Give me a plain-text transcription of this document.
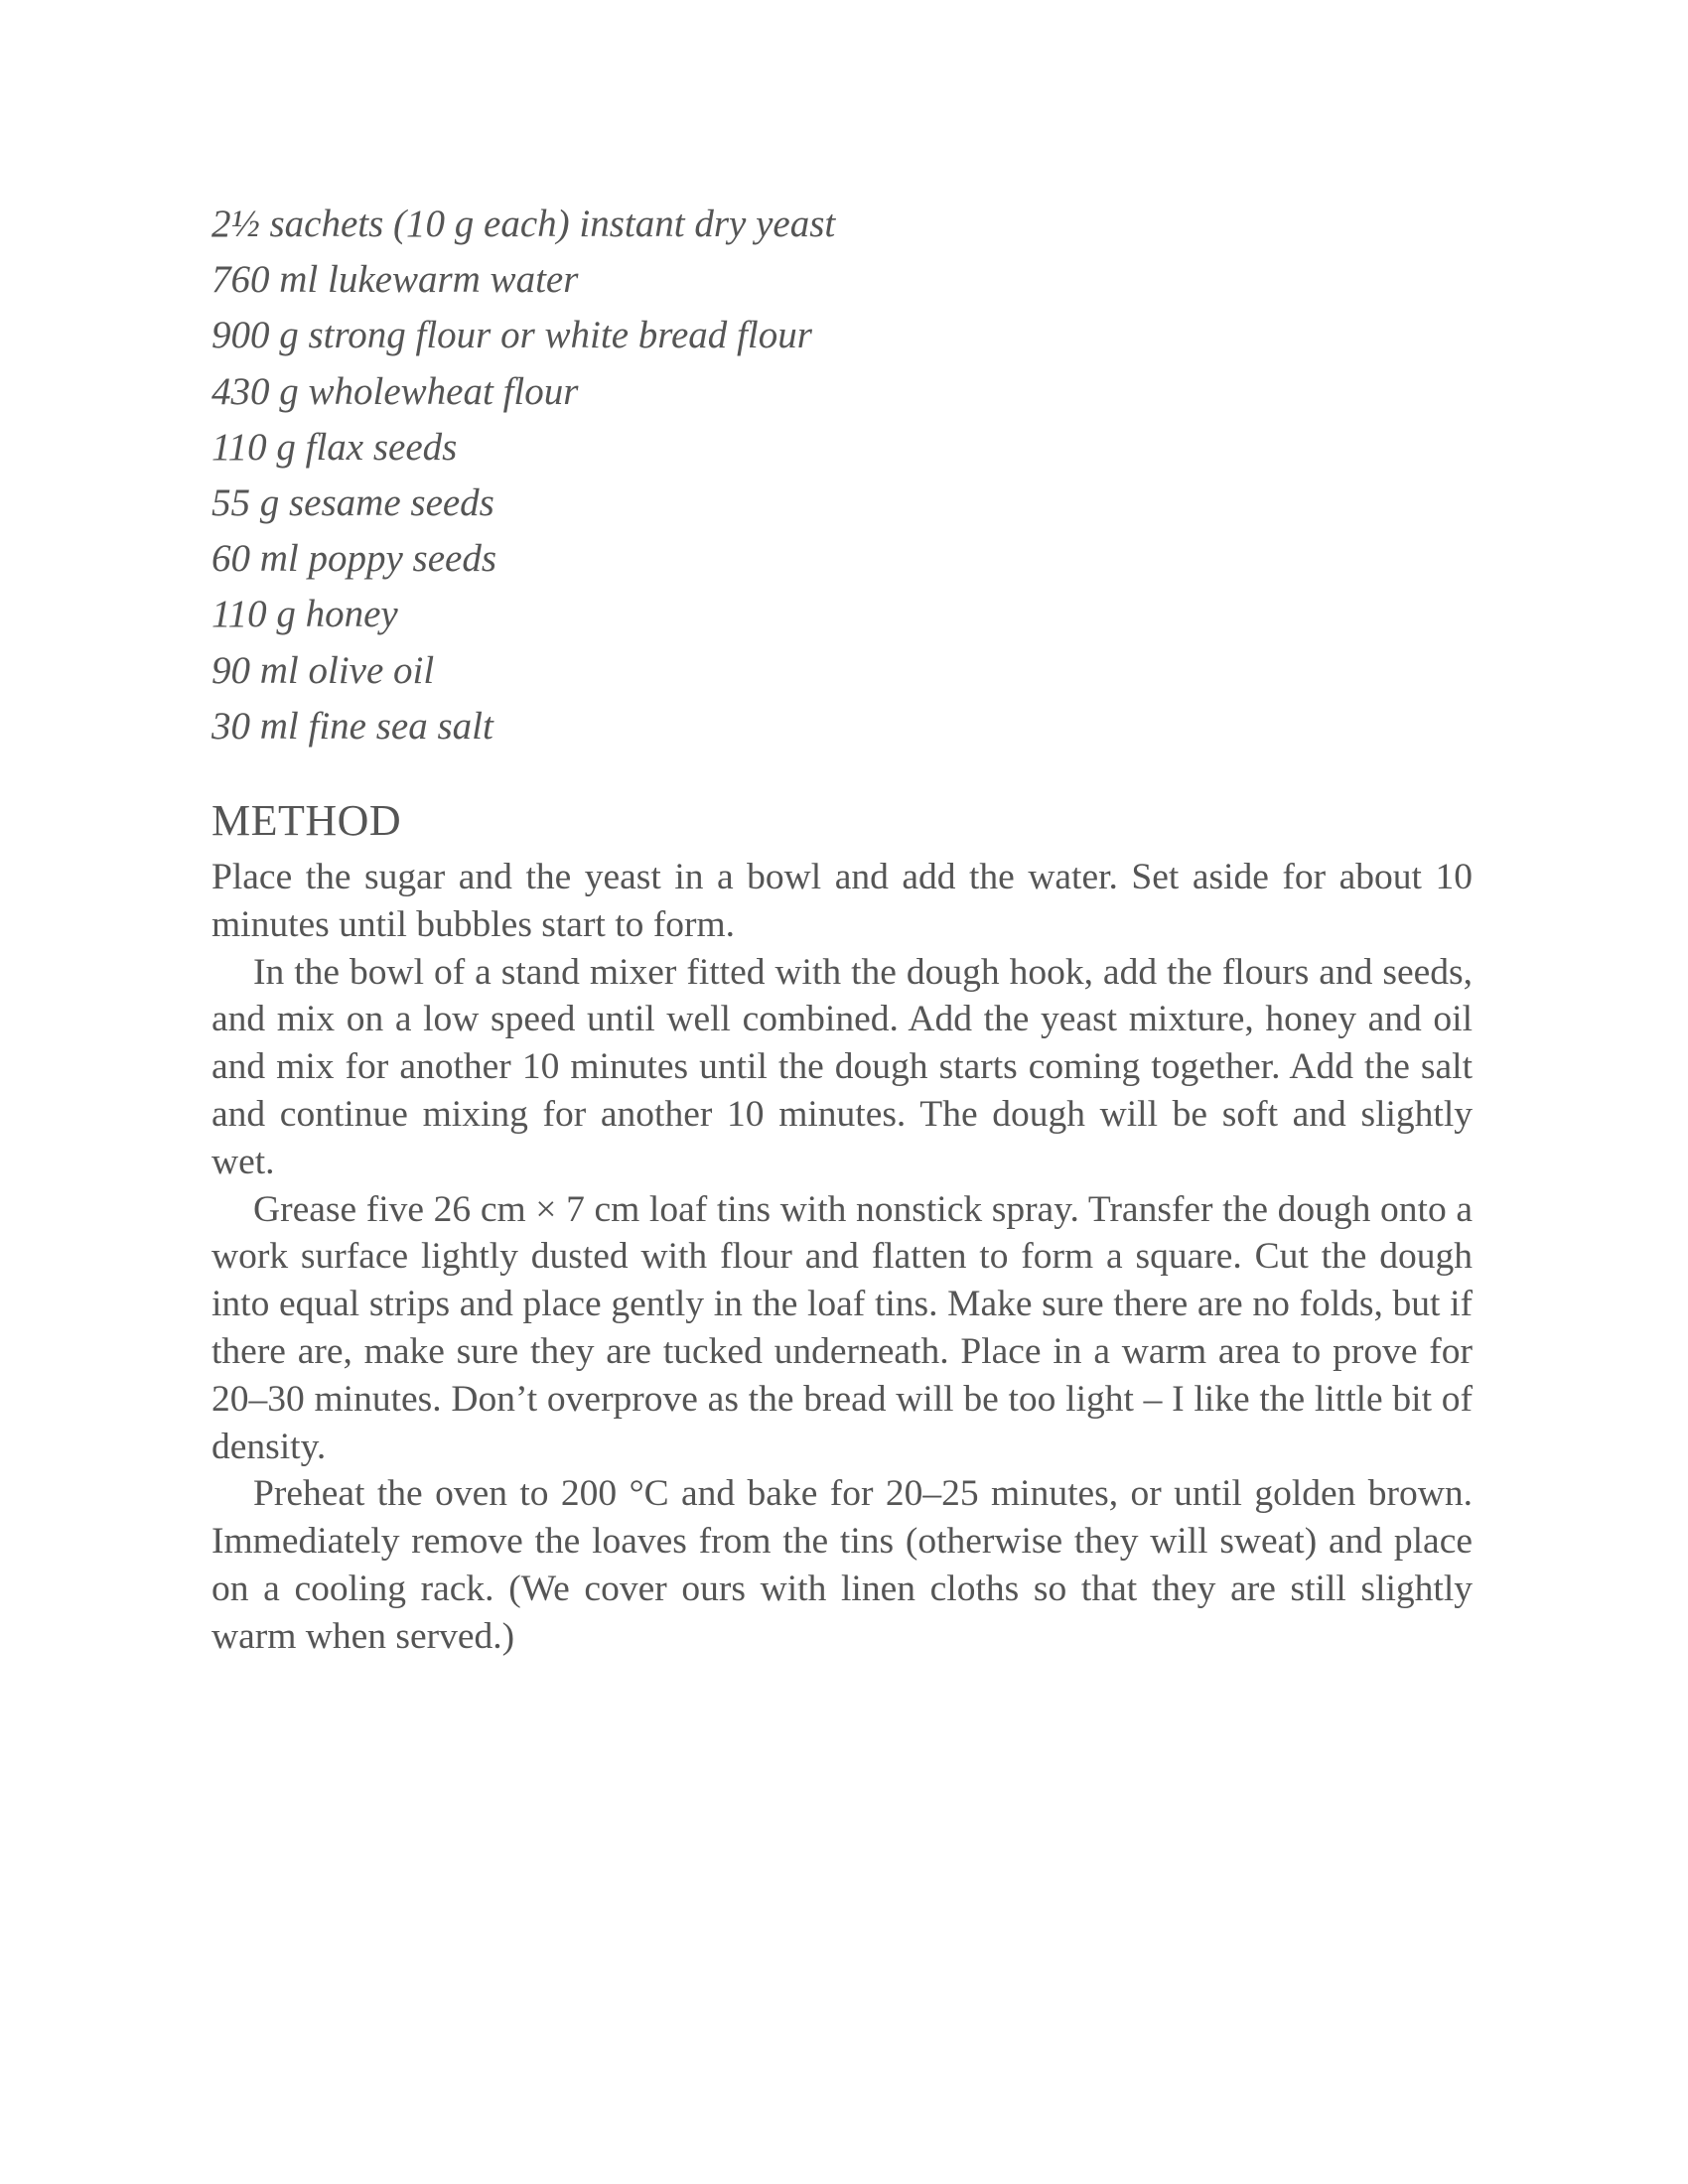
2½ sachets (10 g each) instant dry yeast
760 ml lukewarm water
900 g strong flour or white bread flour
430 g wholewheat flour
110 g flax seeds
55 g sesame seeds
60 ml poppy seeds
110 g honey
90 ml olive oil
30 ml fine sea salt
METHOD

Place the sugar and the yeast in a bowl and add the water. Set aside for about 10 minutes until bubbles start to form.

In the bowl of a stand mixer fitted with the dough hook, add the flours and seeds, and mix on a low speed until well combined. Add the yeast mixture, honey and oil and mix for another 10 minutes until the dough starts coming together. Add the salt and continue mixing for another 10 minutes. The dough will be soft and slightly wet.

Grease five 26 cm × 7 cm loaf tins with nonstick spray. Transfer the dough onto a work surface lightly dusted with flour and flatten to form a square. Cut the dough into equal strips and place gently in the loaf tins. Make sure there are no folds, but if there are, make sure they are tucked underneath. Place in a warm area to prove for 20–30 minutes. Don’t overprove as the bread will be too light – I like the little bit of density.

Preheat the oven to 200 °C and bake for 20–25 minutes, or until golden brown. Immediately remove the loaves from the tins (otherwise they will sweat) and place on a cooling rack. (We cover ours with linen cloths so that they are still slightly warm when served.)
